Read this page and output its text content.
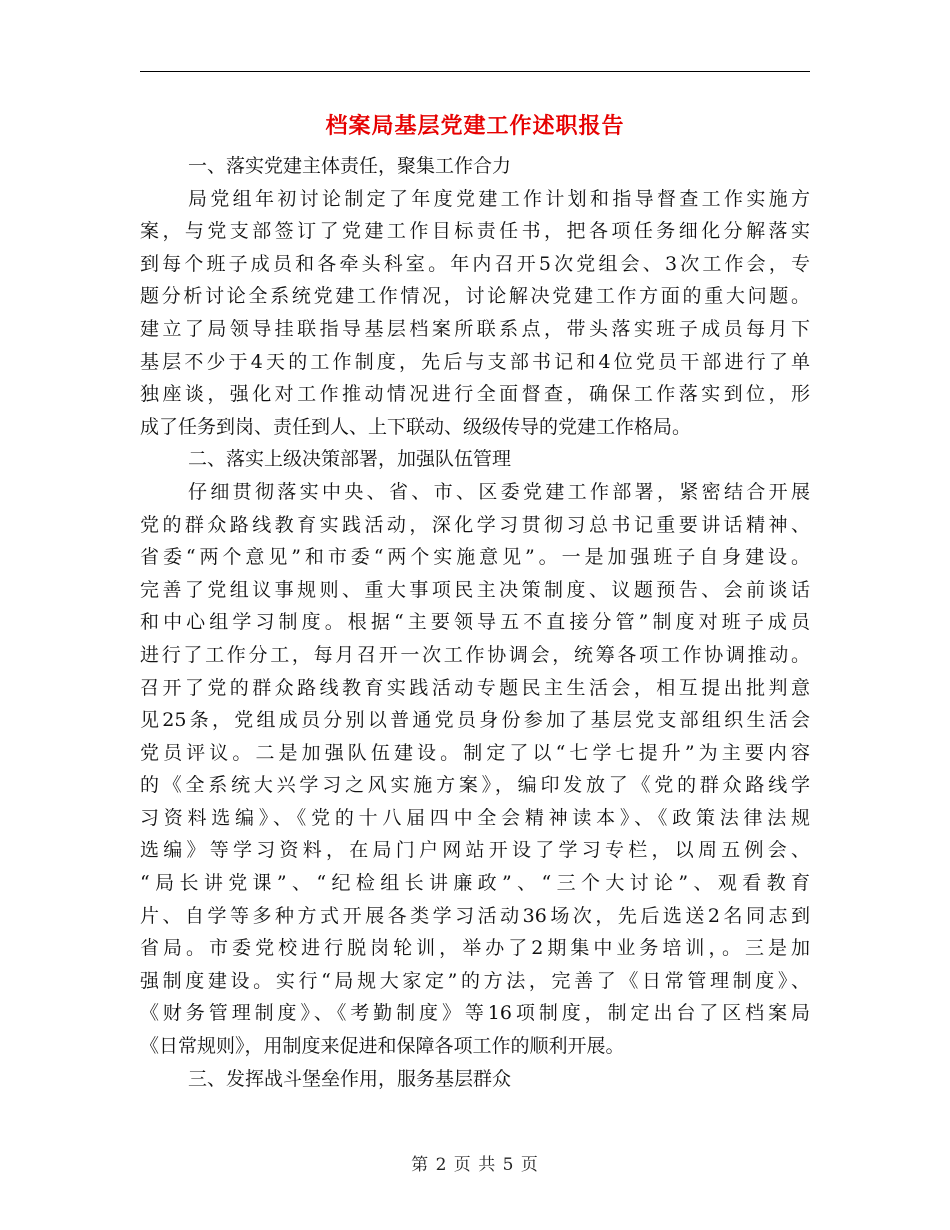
档案局基层党建工作述职报告
一、落实党建主体责任，聚集工作合力
局党组年初讨论制定了年度党建工作计划和指导督查工作实施方
案，与党支部签订了党建工作目标责任书，把各项任务细化分解落实
到每个班子成员和各牵头科室。年内召开5次党组会、3次工作会，专
题分析讨论全系统党建工作情况，讨论解决党建工作方面的重大问题。
建立了局领导挂联指导基层档案所联系点，带头落实班子成员每月下
基层不少于4天的工作制度，先后与支部书记和4位党员干部进行了单
独座谈，强化对工作推动情况进行全面督查，确保工作落实到位，形
成了任务到岗、责任到人、上下联动、级级传导的党建工作格局。
二、落实上级决策部署，加强队伍管理
仔细贯彻落实中央、省、市、区委党建工作部署，紧密结合开展
党的群众路线教育实践活动，深化学习贯彻习总书记重要讲话精神、
省委“两个意见”和市委“两个实施意见”。一是加强班子自身建设。
完善了党组议事规则、重大事项民主决策制度、议题预告、会前谈话
和中心组学习制度。根据“主要领导五不直接分管”制度对班子成员
进行了工作分工，每月召开一次工作协调会，统筹各项工作协调推动。
召开了党的群众路线教育实践活动专题民主生活会，相互提出批判意
见25条，党组成员分别以普通党员身份参加了基层党支部组织生活会
党员评议。二是加强队伍建设。制定了以“七学七提升”为主要内容
的《全系统大兴学习之风实施方案》，编印发放了《党的群众路线学
习资料选编》、《党的十八届四中全会精神读本》、《政策法律法规
选编》等学习资料，在局门户网站开设了学习专栏，以周五例会、
“局长讲党课”、“纪检组长讲廉政”、“三个大讨论”、观看教育
片、自学等多种方式开展各类学习活动36场次，先后选送2名同志到
省局。市委党校进行脱岗轮训，举办了2期集中业务培训，。三是加
强制度建设。实行“局规大家定”的方法，完善了《日常管理制度》、
《财务管理制度》、《考勤制度》等16项制度，制定出台了区档案局
《日常规则》，用制度来促进和保障各项工作的顺利开展。
三、发挥战斗堡垒作用，服务基层群众
第 2 页 共 5 页
